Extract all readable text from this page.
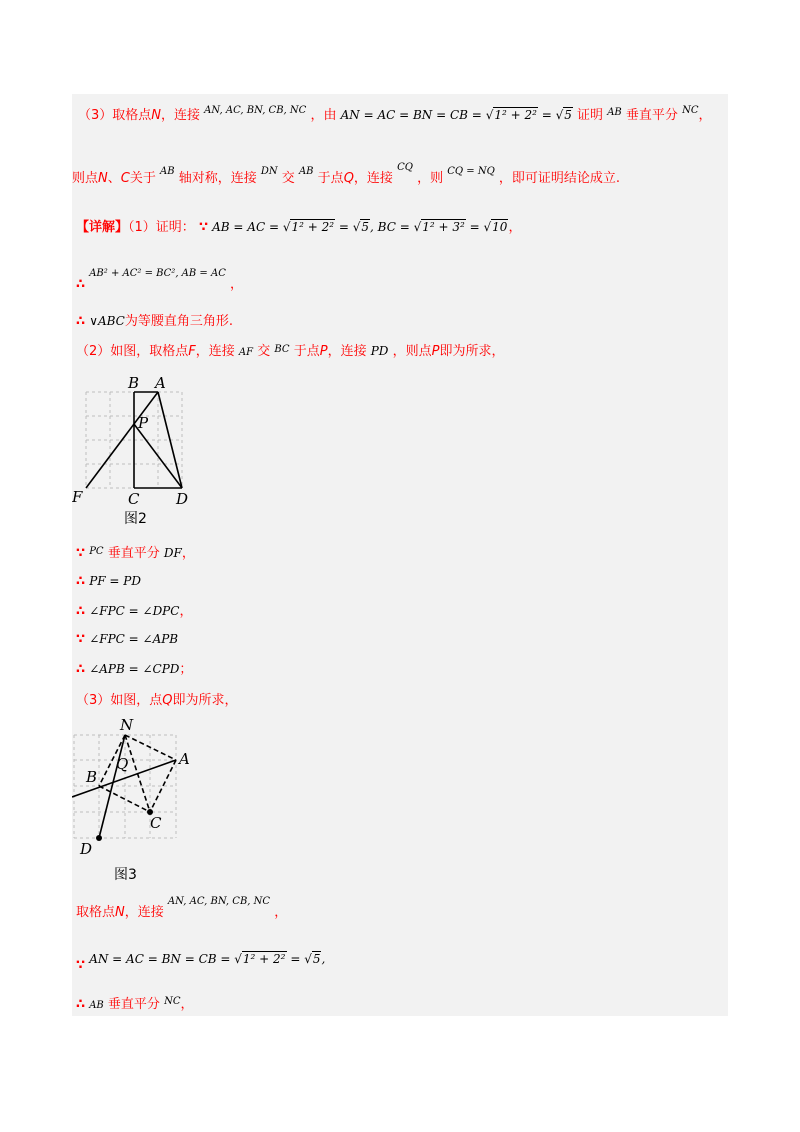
（3）取格点N，连接 $^{AN, AC, BN, CB, NC}$ ，由 AN = AC = BN = CB = √1² + 2² = √5 证明 $^{AB}$ 垂直平分 $^{NC}$，
则点N、C关于 $^{AB}$ 轴对称，连接 $^{DN}$ 交 $^{AB}$ 于点Q，连接 $^{CQ}$ ，则 $^{CQ = NQ}$ ，即可证明结论成立.
【详解】（1）证明： ∵ AB = AC = √1² + 2² = √5, BC = √1² + 3² = √10，
∴ $^{AB^2 + AC^2 = BC^2, AB = AC}$ ，
∴ ∨ABC为等腰直角三角形.
（2）如图，取格点F，连接 AF 交 $^{BC}$ 于点P，连接 PD ，则点P即为所求，
B A
P
F	C D
图2
∵ $^{PC}$ 垂直平分 DF，
∴ PF = PD
∴ ∠FPC = ∠DPC，
∵ ∠FPC = ∠APB
∴ ∠APB = ∠CPD；
（3）如图，点Q即为所求，
N
A
Q
B
C
D
图3
取格点N，连接 $^{AN, AC, BN, CB, NC}$ ，
∵ AN = AC = BN = CB = √1² + 2² = √5,
∴ AB 垂直平分 $^{NC}$，
